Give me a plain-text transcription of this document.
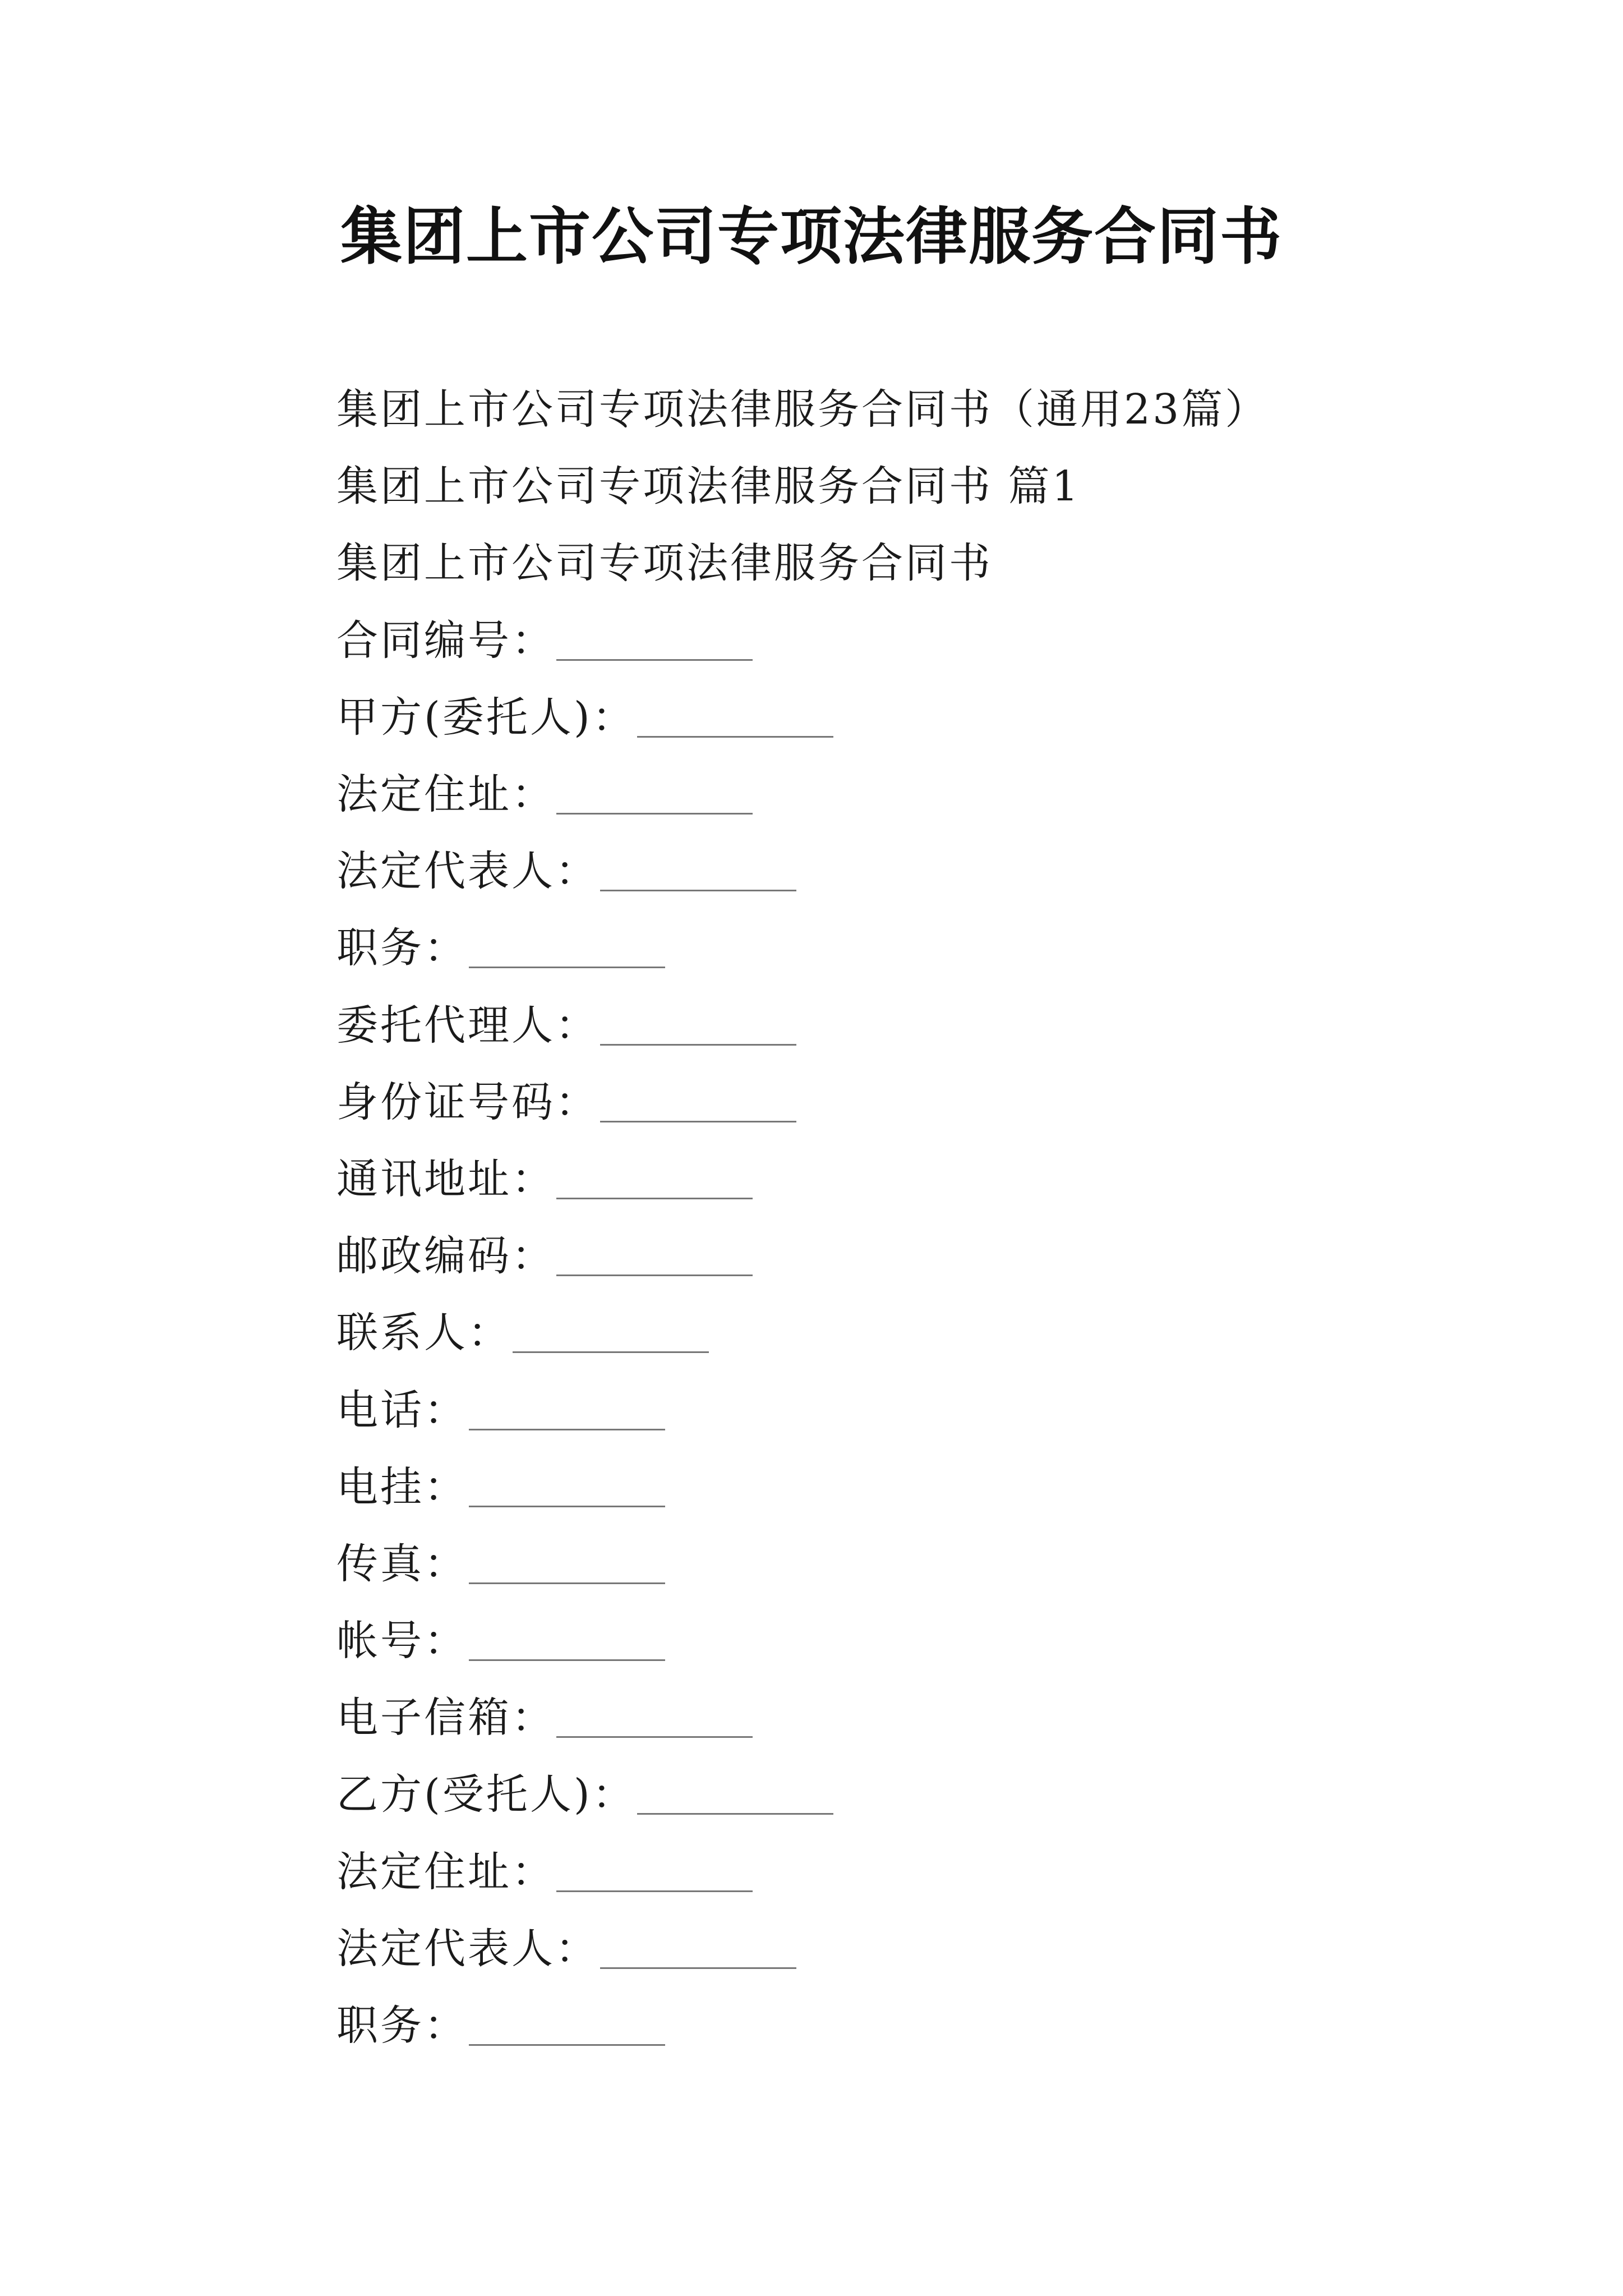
集团上市公司专项法律服务合同书
集团上市公司专项法律服务合同书（通用23篇）
集团上市公司专项法律服务合同书 篇1
集团上市公司专项法律服务合同书
合同编号：
甲方(委托人)：
法定住址：
法定代表人：
职务：
委托代理人：
身份证号码：
通讯地址：
邮政编码：
联系人：
电话：
电挂：
传真：
帐号：
电子信箱：
乙方(受托人)：
法定住址：
法定代表人：
职务：
